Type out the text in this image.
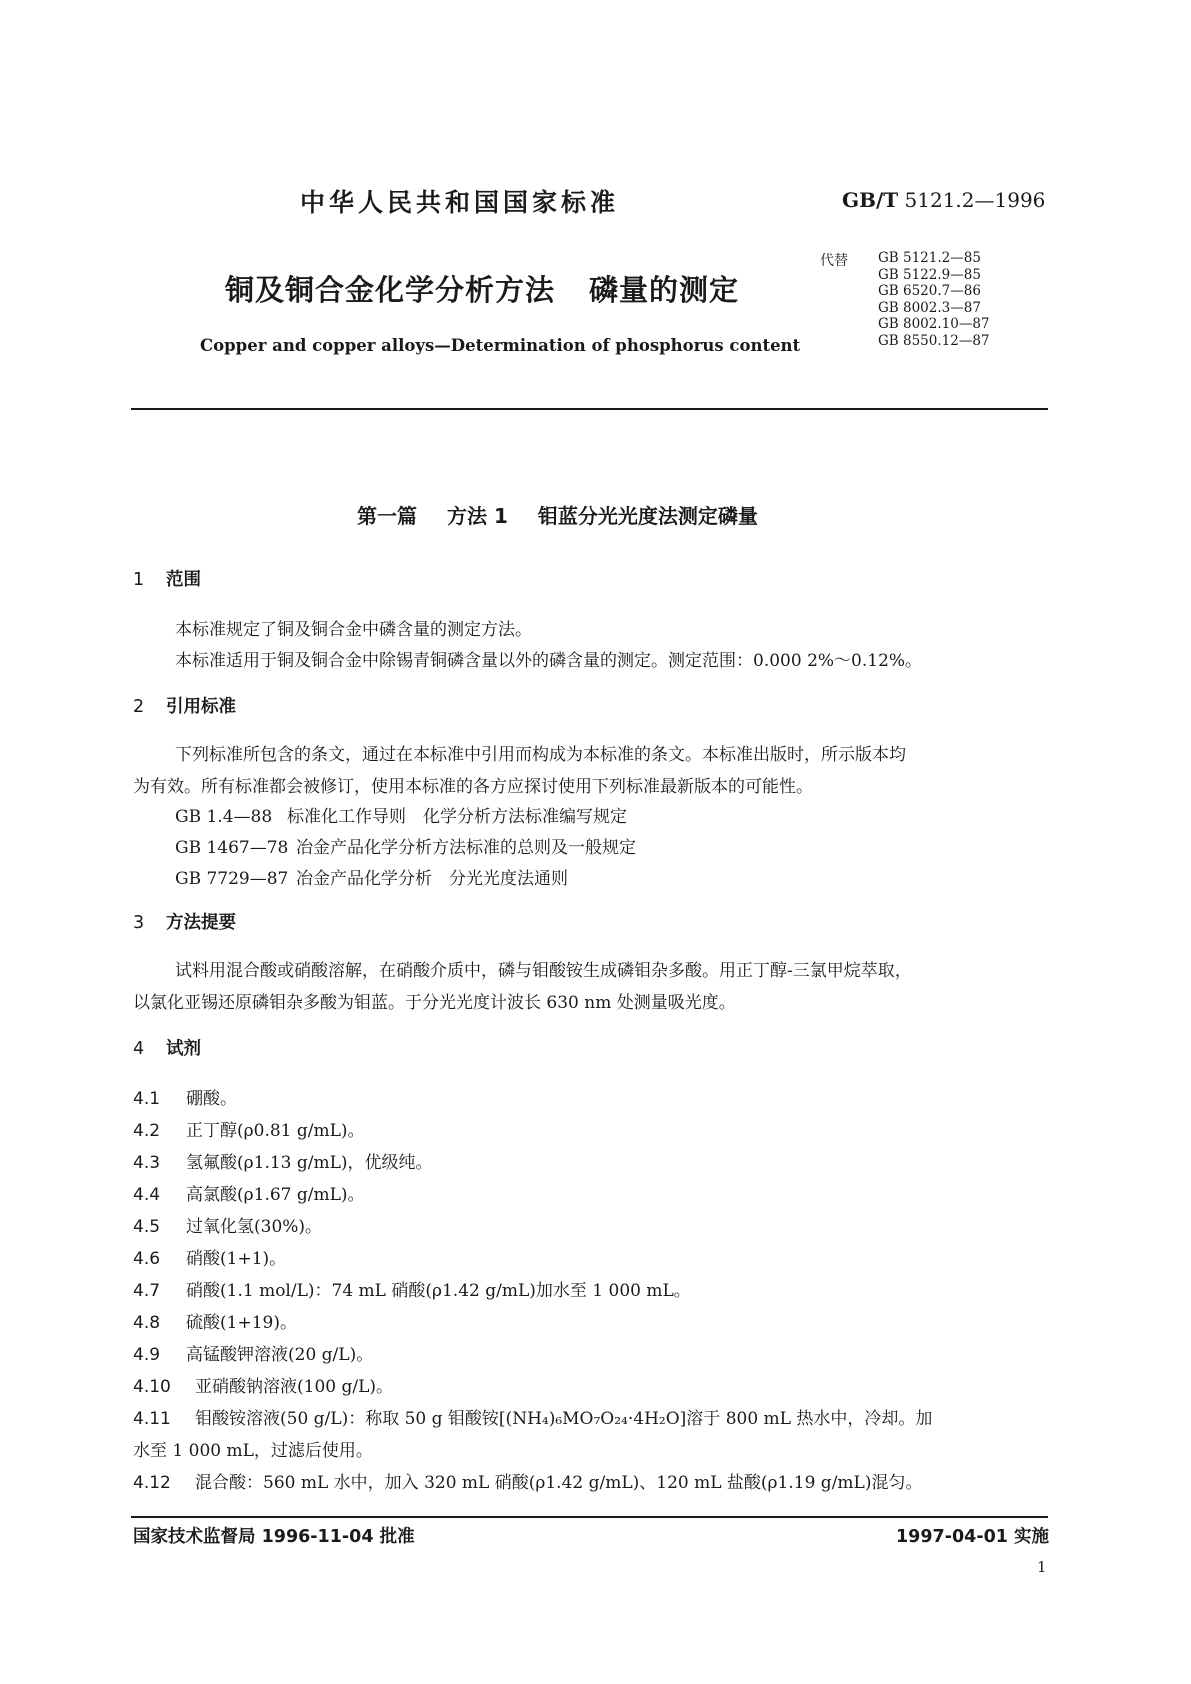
中华人民共和国国家标准	GB/T 5121.2—1996
代替 GB 5121.2—85
GB 5122.9—85
GB 6520.7—86
GB 8002.3—87
GB 8002.10—87
GB 8550.12—87
铜及铜合金化学分析方法 磷量的测定
Copper and copper alloys—Determination of phosphorus content
第一篇 方法 1 钼蓝分光光度法测定磷量
1 范围
本标准规定了铜及铜合金中磷含量的测定方法。
本标准适用于铜及铜合金中除锡青铜磷含量以外的磷含量的测定。测定范围：0.000 2%～0.12%。
2 引用标准
下列标准所包含的条文，通过在本标准中引用而构成为本标准的条文。本标准出版时，所示版本均
为有效。所有标准都会被修订，使用本标准的各方应探讨使用下列标准最新版本的可能性。
GB 1.4—88 标准化工作导则　化学分析方法标准编写规定
GB 1467—78 冶金产品化学分析方法标准的总则及一般规定
GB 7729—87 冶金产品化学分析　分光光度法通则
3 方法提要
试料用混合酸或硝酸溶解，在硝酸介质中，磷与钼酸铵生成磷钼杂多酸。用正丁醇-三氯甲烷萃取，
以氯化亚锡还原磷钼杂多酸为钼蓝。于分光光度计波长 630 nm 处测量吸光度。
4 试剂
4.1 硼酸。
4.2 正丁醇(ρ0.81 g/mL)。
4.3 氢氟酸(ρ1.13 g/mL)，优级纯。
4.4 高氯酸(ρ1.67 g/mL)。
4.5 过氧化氢(30%)。
4.6 硝酸(1+1)。
4.7 硝酸(1.1 mol/L)：74 mL 硝酸(ρ1.42 g/mL)加水至 1 000 mL。
4.8 硫酸(1+19)。
4.9 高锰酸钾溶液(20 g/L)。
4.10 亚硝酸钠溶液(100 g/L)。
4.11 钼酸铵溶液(50 g/L)：称取 50 g 钼酸铵[(NH₄)₆MO₇O₂₄·4H₂O]溶于 800 mL 热水中，冷却。加
水至 1 000 mL，过滤后使用。
4.12 混合酸：560 mL 水中，加入 320 mL 硝酸(ρ1.42 g/mL)、120 mL 盐酸(ρ1.19 g/mL)混匀。
国家技术监督局 1996-11-04 批准	1997-04-01 实施
1
